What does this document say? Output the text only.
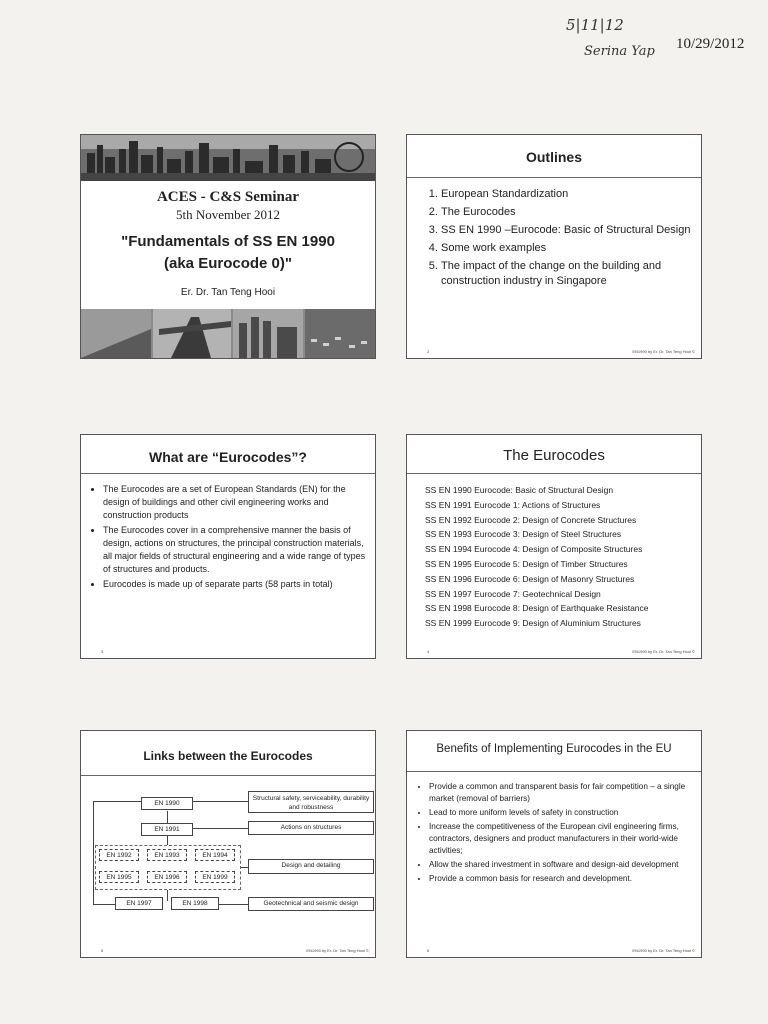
5|11|12
Serina Yap 10/29/2012
ACES - C&S Seminar
5th November 2012
"Fundamentals of SS EN 1990
(aka Eurocode 0)"
Er. Dr. Tan Teng Hooi
Outlines
1. European Standardization
2. The Eurocodes
3. SS EN 1990 –Eurocode: Basic of Structural Design
4. Some work examples
5. The impact of the change on the building and construction industry in Singapore
2	EN1990 by Er. Dr. Tan Teng Hooi ©
What are “Eurocodes”?
• The Eurocodes are a set of European Standards (EN) for the design of buildings and other civil engineering works and construction products
• The Eurocodes cover in a comprehensive manner the basis of design, actions on structures, the principal construction materials, all major fields of structural engineering and a wide range of types of structures and products.
• Eurocodes is made up of separate parts (58 parts in total)
3
The Eurocodes
SS EN 1990 Eurocode: Basic of Structural Design
SS EN 1991 Eurocode 1: Actions of Structures
SS EN 1992 Eurocode 2: Design of Concrete Structures
SS EN 1993 Eurocode 3: Design of Steel Structures
SS EN 1994 Eurocode 4: Design of Composite Structures
SS EN 1995 Eurocode 5: Design of Timber Structures
SS EN 1996 Eurocode 6: Design of Masonry Structures
SS EN 1997 Eurocode 7: Geotechnical Design
SS EN 1998 Eurocode 8: Design of Earthquake Resistance
SS EN 1999 Eurocode 9: Design of Aluminium Structures
4	EN1990 by Er. Dr. Tan Teng Hooi ©
Links between the Eurocodes
EN 1990
EN 1991
EN 1992	EN 1993	EN 1994
EN 1995	EN 1996	EN 1999
EN 1997	EN 1998
Structural safety, serviceability, durability and robustness
Actions on structures
Design and detailing
Geotechnical and seismic design
5	EN1990 by Er. Dr. Tan Teng Hooi ©
Benefits of Implementing Eurocodes in the EU
• Provide a common and transparent basis for fair competition – a single market (removal of barriers)
• Lead to more uniform levels of safety in construction
• Increase the competitiveness of the European civil engineering firms, contractors, designers and product manufacturers in their world-wide activities;
• Allow the shared investment in software and design-aid development
• Provide a common basis for research and development.
6	EN1990 by Er. Dr. Tan Teng Hooi ©
